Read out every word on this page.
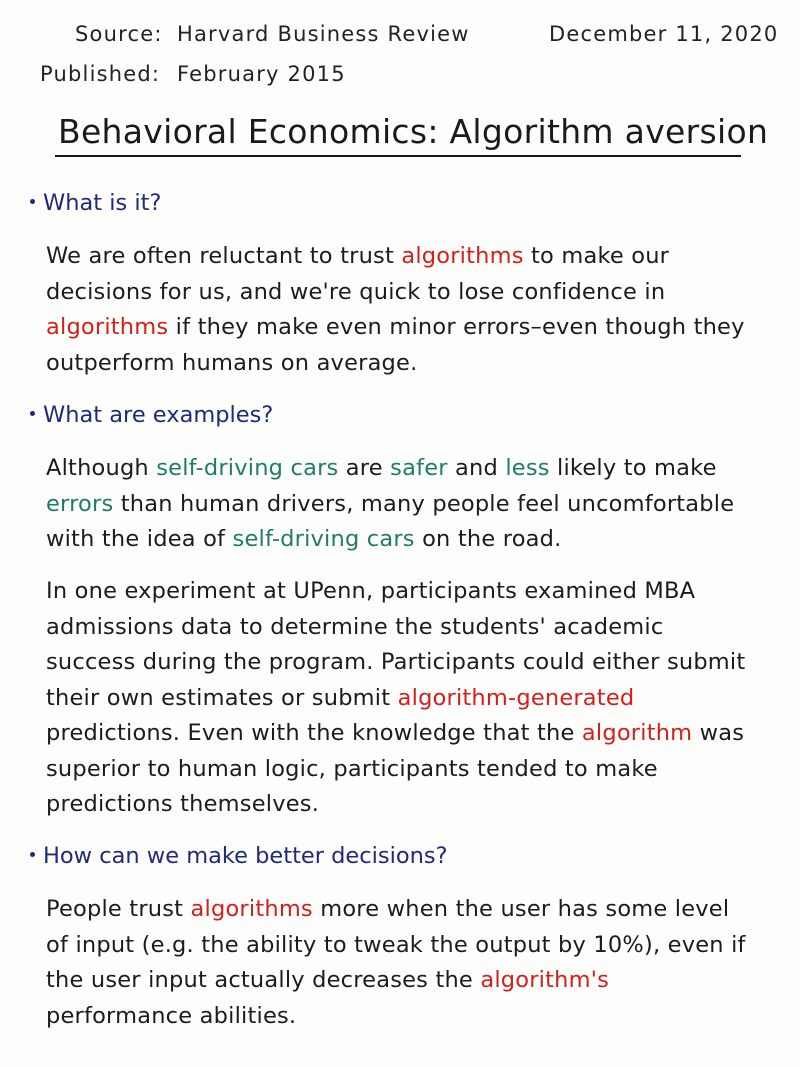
Source: Harvard Business Review	December 11, 2020
Published: February 2015
Behavioral Economics: Algorithm aversion
What is it?
We are often reluctant to trust algorithms to make our
decisions for us, and we're quick to lose confidence in
algorithms if they make even minor errors–even though they
outperform humans on average.
What are examples?
Although self-driving cars are safer and less likely to make
errors than human drivers, many people feel uncomfortable
with the idea of self-driving cars on the road.
In one experiment at UPenn, participants examined MBA
admissions data to determine the students' academic
success during the program. Participants could either submit
their own estimates or submit algorithm-generated
predictions. Even with the knowledge that the algorithm was
superior to human logic, participants tended to make
predictions themselves.
How can we make better decisions?
People trust algorithms more when the user has some level
of input (e.g. the ability to tweak the output by 10%), even if
the user input actually decreases the algorithm's
performance abilities.
